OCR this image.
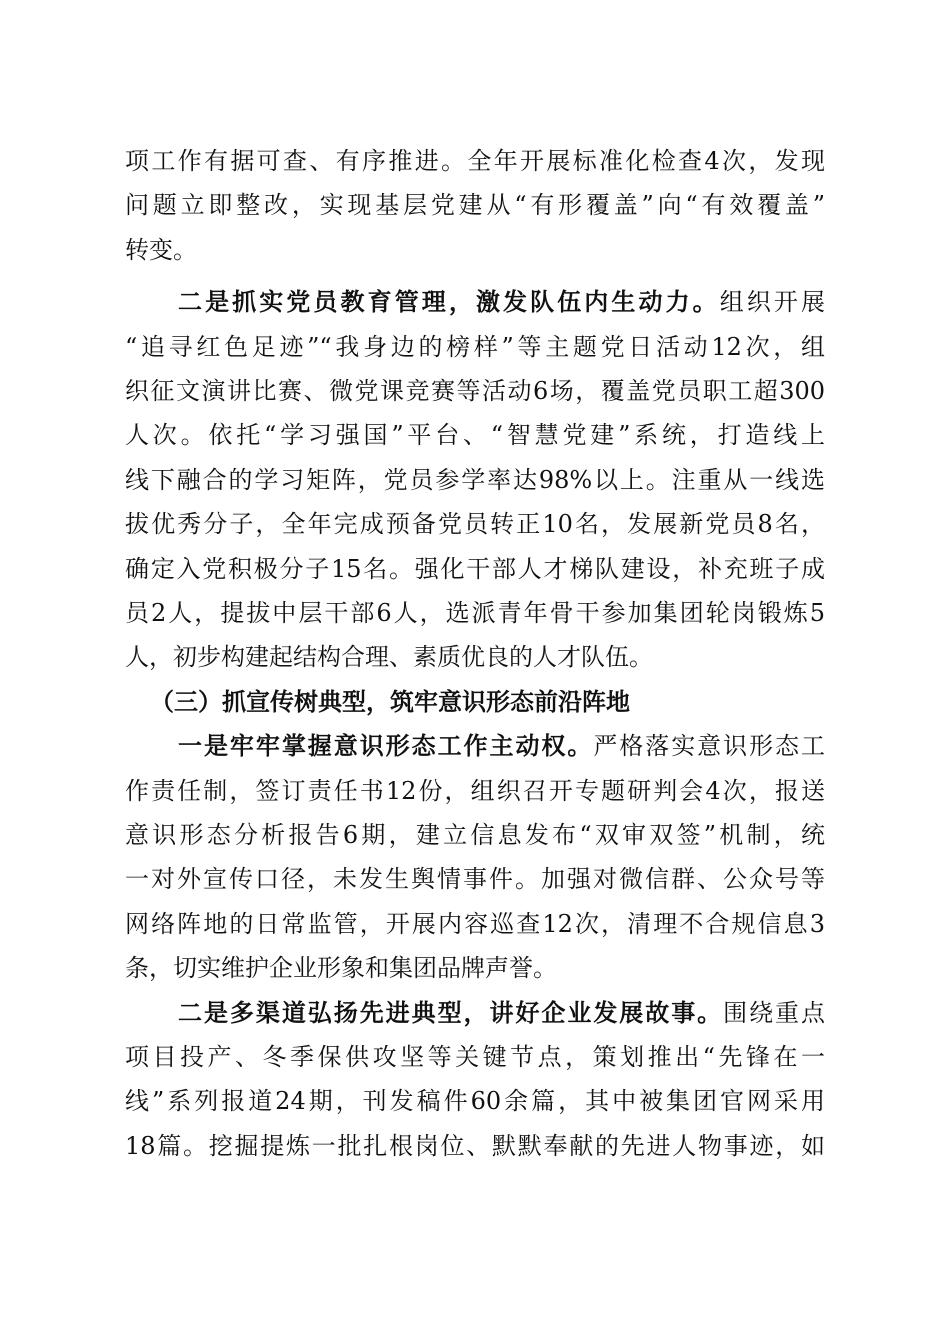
项工作有据可查、有序推进。全年开展标准化检查4次，发现
问题立即整改，实现基层党建从“有形覆盖”向“有效覆盖”
转变。
二是抓实党员教育管理，激发队伍内生动力。组织开展
“追寻红色足迹”“我身边的榜样”等主题党日活动12次，组
织征文演讲比赛、微党课竞赛等活动6场，覆盖党员职工超300
人次。依托“学习强国”平台、“智慧党建”系统，打造线上
线下融合的学习矩阵，党员参学率达98%以上。注重从一线选
拔优秀分子，全年完成预备党员转正10名，发展新党员8名，
确定入党积极分子15名。强化干部人才梯队建设，补充班子成
员2人，提拔中层干部6人，选派青年骨干参加集团轮岗锻炼5
人，初步构建起结构合理、素质优良的人才队伍。
（三）抓宣传树典型，筑牢意识形态前沿阵地
一是牢牢掌握意识形态工作主动权。严格落实意识形态工
作责任制，签订责任书12份，组织召开专题研判会4次，报送
意识形态分析报告6期，建立信息发布“双审双签”机制，统
一对外宣传口径，未发生舆情事件。加强对微信群、公众号等
网络阵地的日常监管，开展内容巡查12次，清理不合规信息3
条，切实维护企业形象和集团品牌声誉。
二是多渠道弘扬先进典型，讲好企业发展故事。围绕重点
项目投产、冬季保供攻坚等关键节点，策划推出“先锋在一
线”系列报道24期，刊发稿件60余篇，其中被集团官网采用
18篇。挖掘提炼一批扎根岗位、默默奉献的先进人物事迹，如
